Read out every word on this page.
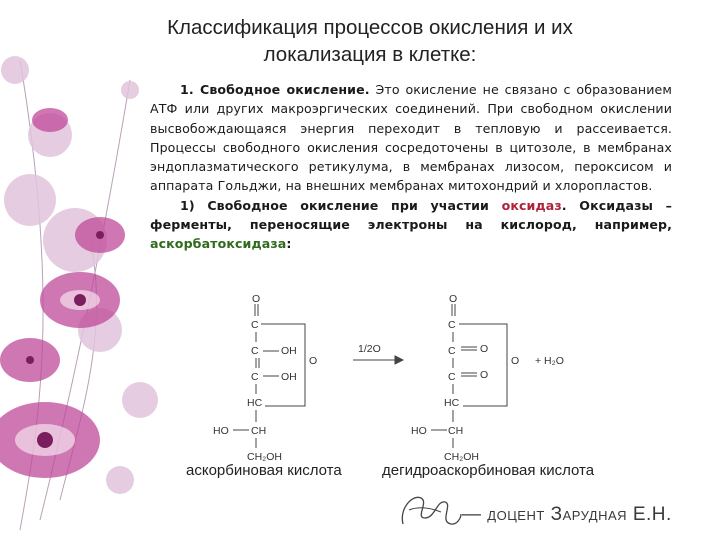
Классификация процессов окисления и их
локализация в клетке:

1. Свободное окисление. Это окисление не связано с образованием АТФ или других макроэргических соединений. При свободном окислении высвобождающаяся энергия переходит в тепловую и рассеивается. Процессы свободного окисления сосредоточены в цитозоле, в мембранах эндоплазматического ретикулума, в мембранах лизосом, пероксисом и аппарата Гольджи, на внешних мембранах митохондрий и хлоропластов.

1) Свободное окисление при участии оксидаз. Оксидазы – ферменты, переносящие электроны на кислород, например, аскорбатоксидаза:

O
C
C OH
C OH
HC
O
HO CH
CH₂OH
1/2O
O
C
C O
C O
HC
O
HO CH
CH₂OH
+ H₂O
аскорбиновая кислота	дегидроаскорбиновая кислота
— доцент Зарудная Е.Н.
